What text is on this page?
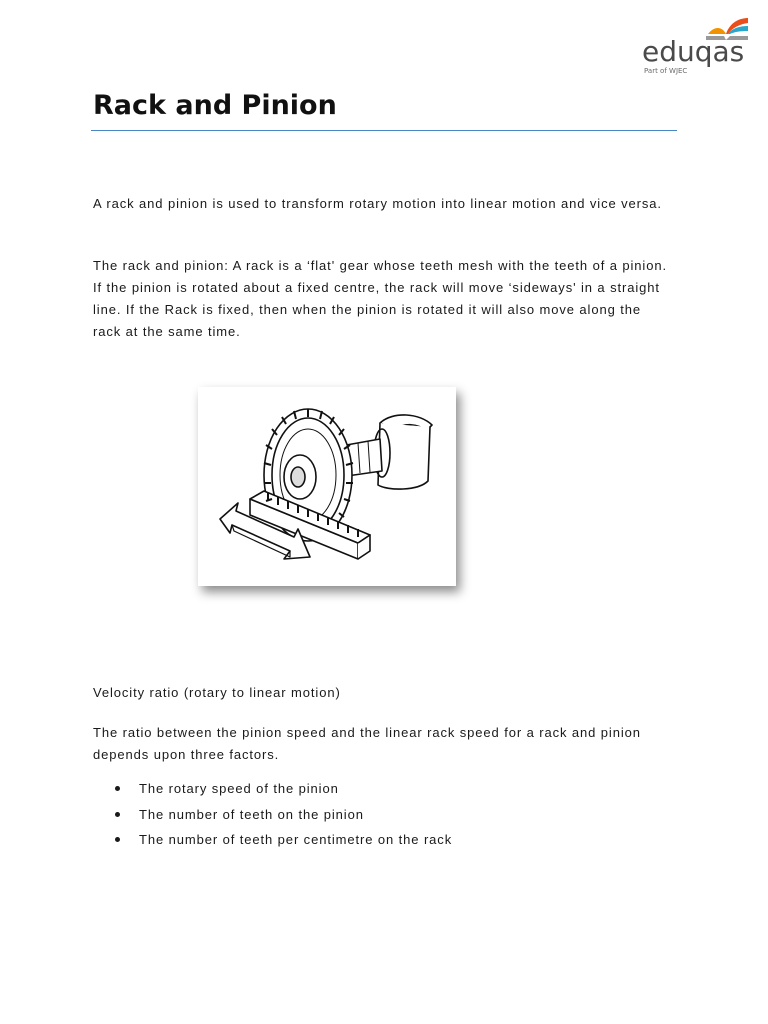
eduqas
Part of WJEC
Rack and Pinion

A rack and pinion is used to transform rotary motion into linear motion and vice versa.

The rack and pinion: A rack is a ‘flat' gear whose teeth mesh with the teeth of a pinion. If the pinion is rotated about a fixed centre, the rack will move ‘sideways' in a straight line. If the Rack is fixed, then when the pinion is rotated it will also move along the rack at the same time.

Velocity ratio (rotary to linear motion)

The ratio between the pinion speed and the linear rack speed for a rack and pinion depends upon three factors.

The rotary speed of the pinion
The number of teeth on the pinion
The number of teeth per centimetre on the rack
